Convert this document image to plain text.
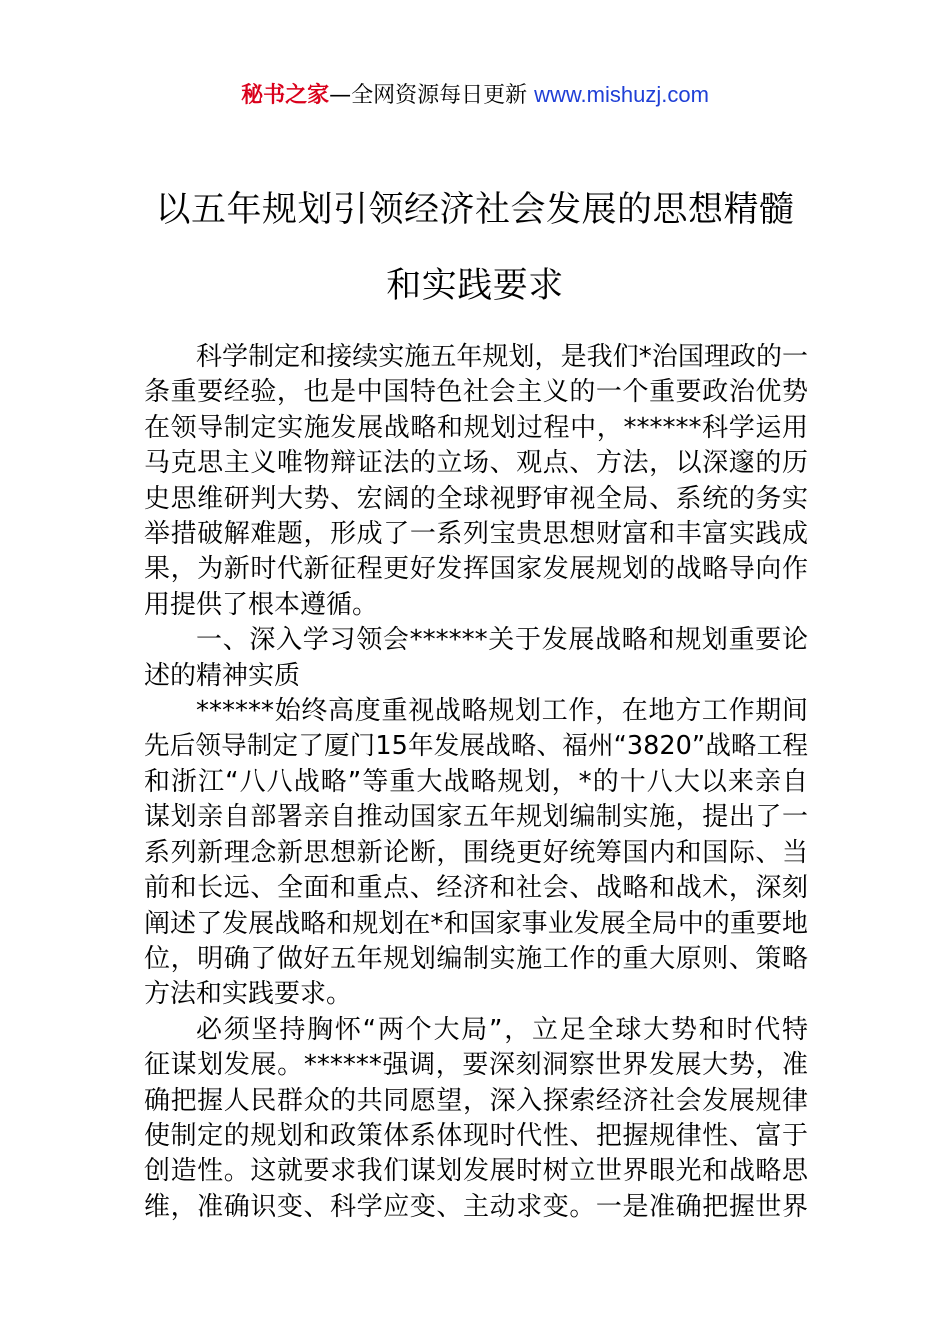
秘书之家—全网资源每日更新 www.mishuzj.com
以五年规划引领经济社会发展的思想精髓
和实践要求

科学制定和接续实施五年规划，是我们*治国理政的一
条重要经验，也是中国特色社会主义的一个重要政治优势
在领导制定实施发展战略和规划过程中，******科学运用
马克思主义唯物辩证法的立场、观点、方法，以深邃的历
史思维研判大势、宏阔的全球视野审视全局、系统的务实
举措破解难题，形成了一系列宝贵思想财富和丰富实践成
果，为新时代新征程更好发挥国家发展规划的战略导向作
用提供了根本遵循。

一、深入学习领会******关于发展战略和规划重要论
述的精神实质

******始终高度重视战略规划工作，在地方工作期间
先后领导制定了厦门15年发展战略、福州“3820”战略工程
和浙江“八八战略”等重大战略规划，*的十八大以来亲自
谋划亲自部署亲自推动国家五年规划编制实施，提出了一
系列新理念新思想新论断，围绕更好统筹国内和国际、当
前和长远、全面和重点、经济和社会、战略和战术，深刻
阐述了发展战略和规划在*和国家事业发展全局中的重要地
位，明确了做好五年规划编制实施工作的重大原则、策略
方法和实践要求。

必须坚持胸怀“两个大局”，立足全球大势和时代特
征谋划发展。******强调，要深刻洞察世界发展大势，准
确把握人民群众的共同愿望，深入探索经济社会发展规律
使制定的规划和政策体系体现时代性、把握规律性、富于
创造性。这就要求我们谋划发展时树立世界眼光和战略思
维，准确识变、科学应变、主动求变。一是准确把握世界
